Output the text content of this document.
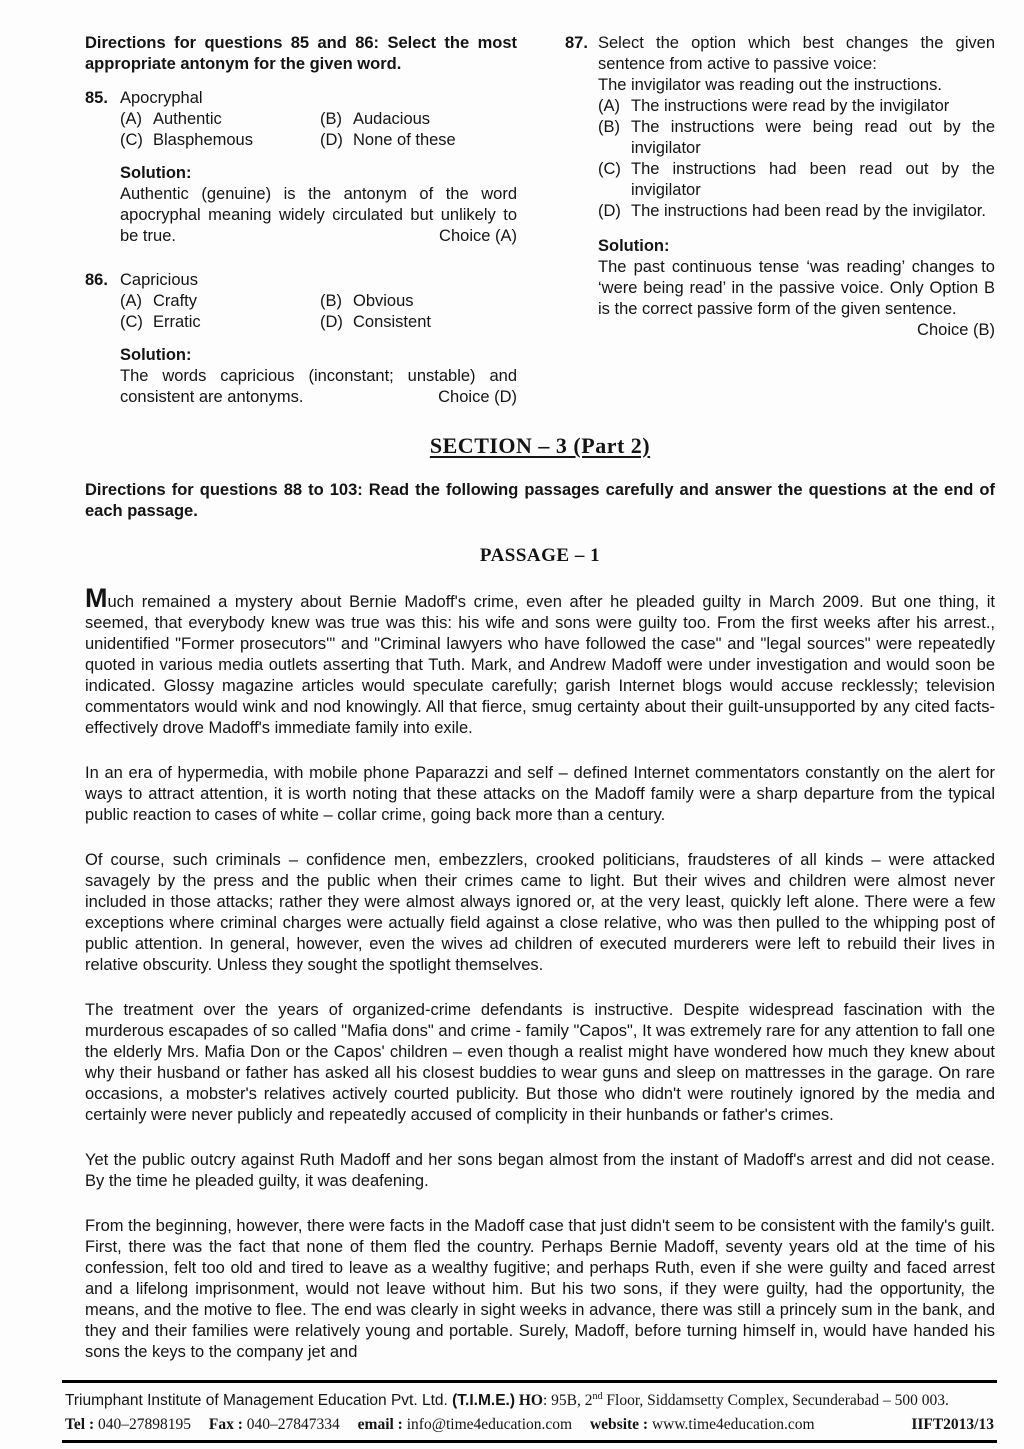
Directions for questions 85 and 86: Select the most appropriate antonym for the given word.
85. Apocryphal
(A) Authentic	(B) Audacious
(C) Blasphemous	(D) None of these
Solution:
Authentic (genuine) is the antonym of the word apocryphal meaning widely circulated but unlikely to be true.	Choice (A)
86. Capricious
(A) Crafty	(B) Obvious
(C) Erratic	(D) Consistent
Solution:
The words capricious (inconstant; unstable) and consistent are antonyms.	Choice (D)
87. Select the option which best changes the given sentence from active to passive voice:
The invigilator was reading out the instructions.
(A) The instructions were read by the invigilator
(B) The instructions were being read out by the invigilator
(C) The instructions had been read out by the invigilator
(D) The instructions had been read by the invigilator.
Solution:
The past continuous tense ‘was reading’ changes to ‘were being read’ in the passive voice. Only Option B is the correct passive form of the given sentence.
Choice (B)
SECTION – 3 (Part 2)
Directions for questions 88 to 103: Read the following passages carefully and answer the questions at the end of each passage.
PASSAGE – 1

Much remained a mystery about Bernie Madoff's crime, even after he pleaded guilty in March 2009. But one thing, it seemed, that everybody knew was true was this: his wife and sons were guilty too. From the first weeks after his arrest., unidentified "Former prosecutors'" and "Criminal lawyers who have followed the case" and "legal sources" were repeatedly quoted in various media outlets asserting that Tuth. Mark, and Andrew Madoff were under investigation and would soon be indicated. Glossy magazine articles would speculate carefully; garish Internet blogs would accuse recklessly; television commentators would wink and nod knowingly. All that fierce, smug certainty about their guilt-unsupported by any cited facts-effectively drove Madoff's immediate family into exile.

In an era of hypermedia, with mobile phone Paparazzi and self – defined Internet commentators constantly on the alert for ways to attract attention, it is worth noting that these attacks on the Madoff family were a sharp departure from the typical public reaction to cases of white – collar crime, going back more than a century.

Of course, such criminals – confidence men, embezzlers, crooked politicians, fraudsteres of all kinds – were attacked savagely by the press and the public when their crimes came to light. But their wives and children were almost never included in those attacks; rather they were almost always ignored or, at the very least, quickly left alone. There were a few exceptions where criminal charges were actually field against a close relative, who was then pulled to the whipping post of public attention. In general, however, even the wives ad children of executed murderers were left to rebuild their lives in relative obscurity. Unless they sought the spotlight themselves.

The treatment over the years of organized-crime defendants is instructive. Despite widespread fascination with the murderous escapades of so called "Mafia dons" and crime - family "Capos", It was extremely rare for any attention to fall one the elderly Mrs. Mafia Don or the Capos' children – even though a realist might have wondered how much they knew about why their husband or father has asked all his closest buddies to wear guns and sleep on mattresses in the garage. On rare occasions, a mobster's relatives actively courted publicity. But those who didn't were routinely ignored by the media and certainly were never publicly and repeatedly accused of complicity in their hunbands or father's crimes.

Yet the public outcry against Ruth Madoff and her sons began almost from the instant of Madoff's arrest and did not cease. By the time he pleaded guilty, it was deafening.

From the beginning, however, there were facts in the Madoff case that just didn't seem to be consistent with the family's guilt. First, there was the fact that none of them fled the country. Perhaps Bernie Madoff, seventy years old at the time of his confession, felt too old and tired to leave as a wealthy fugitive; and perhaps Ruth, even if she were guilty and faced arrest and a lifelong imprisonment, would not leave without him. But his two sons, if they were guilty, had the opportunity, the means, and the motive to flee. The end was clearly in sight weeks in advance, there was still a princely sum in the bank, and they and their families were relatively young and portable. Surely, Madoff, before turning himself in, would have handed his sons the keys to the company jet and

Triumphant Institute of Management Education Pvt. Ltd. (T.I.M.E.) HO: 95B, 2nd Floor, Siddamsetty Complex, Secunderabad – 500 003.
Tel : 040–27898195 Fax : 040–27847334 email : info@time4education.com website : www.time4education.com	IIFT2013/13
